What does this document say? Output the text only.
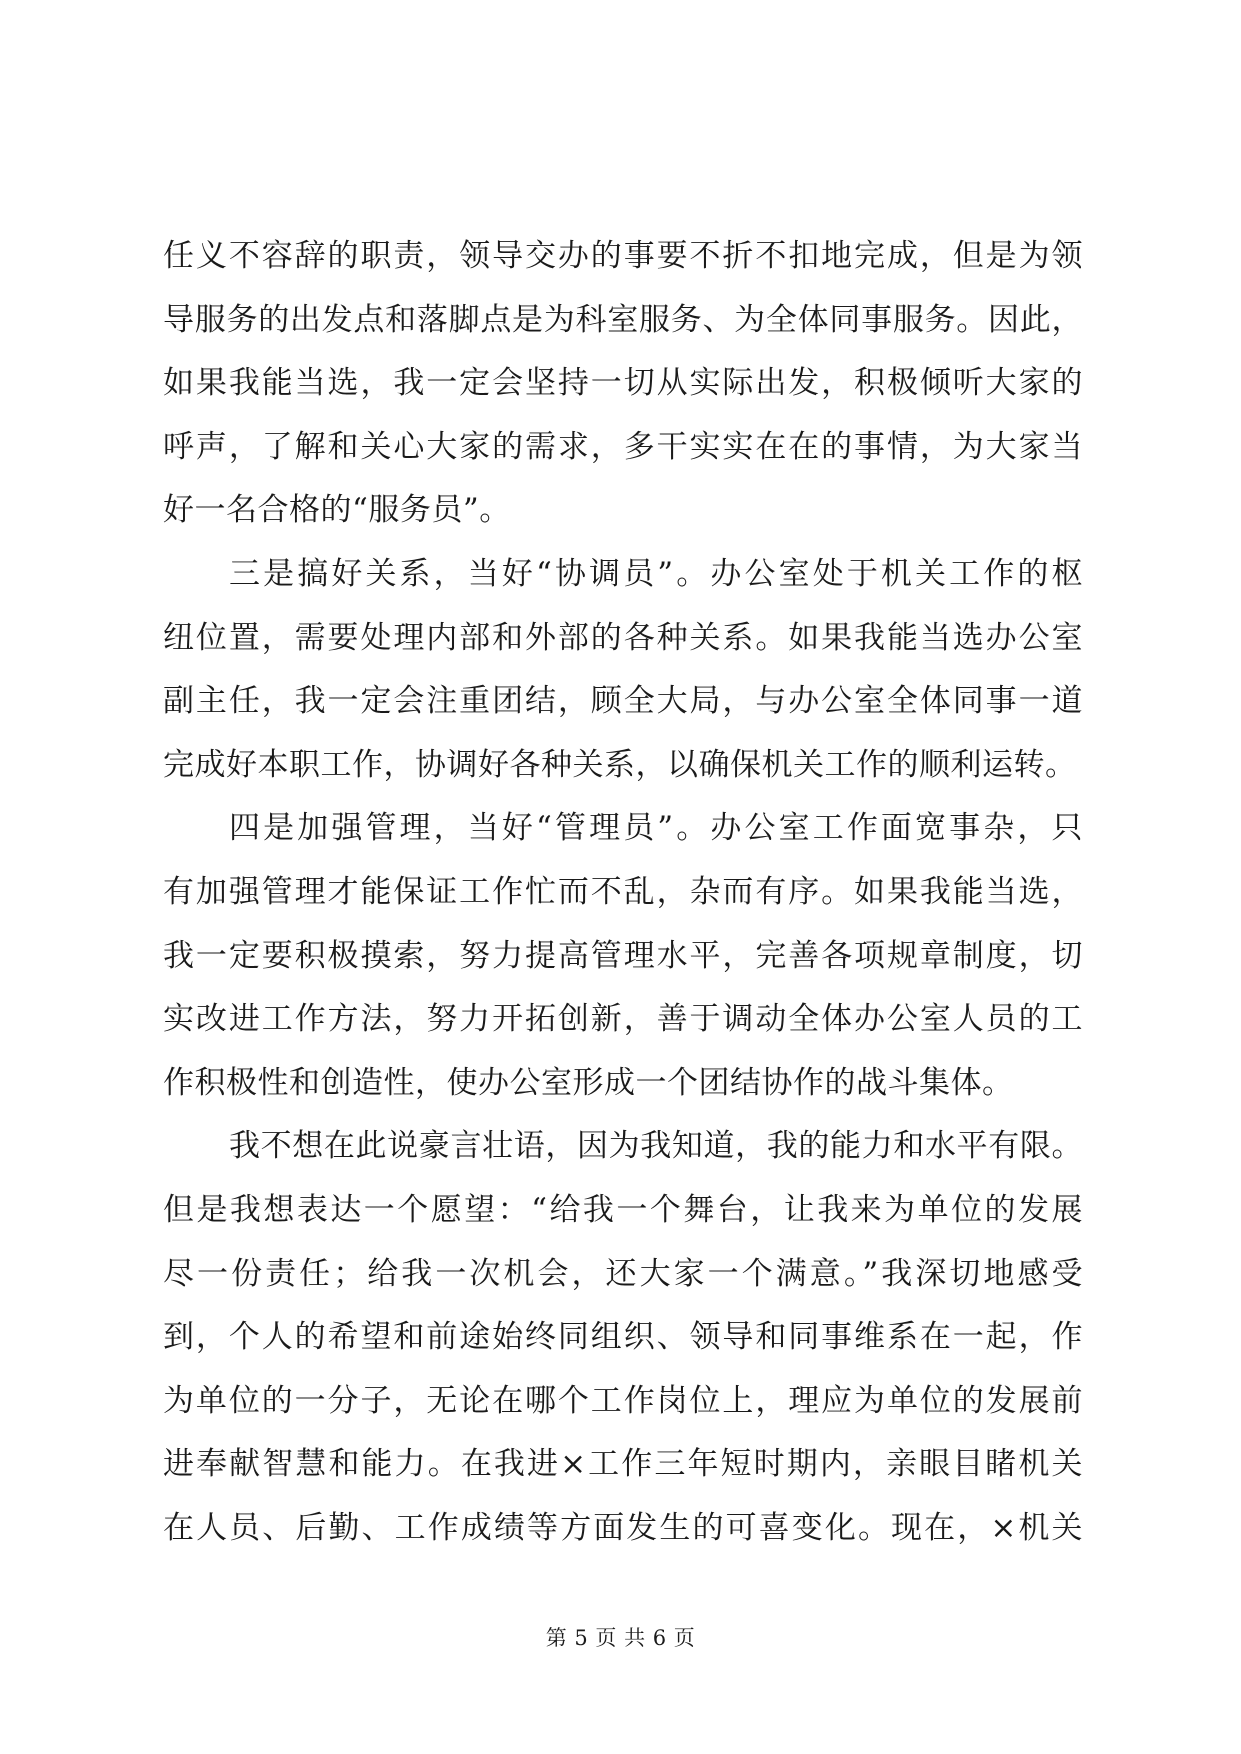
任义不容辞的职责，领导交办的事要不折不扣地完成，但是为领
导服务的出发点和落脚点是为科室服务、为全体同事服务。因此，
如果我能当选，我一定会坚持一切从实际出发，积极倾听大家的
呼声，了解和关心大家的需求，多干实实在在的事情，为大家当
好一名合格的“服务员”。
三是搞好关系，当好“协调员”。办公室处于机关工作的枢
纽位置，需要处理内部和外部的各种关系。如果我能当选办公室
副主任，我一定会注重团结，顾全大局，与办公室全体同事一道
完成好本职工作，协调好各种关系，以确保机关工作的顺利运转。
四是加强管理，当好“管理员”。办公室工作面宽事杂，只
有加强管理才能保证工作忙而不乱，杂而有序。如果我能当选，
我一定要积极摸索，努力提高管理水平，完善各项规章制度，切
实改进工作方法，努力开拓创新，善于调动全体办公室人员的工
作积极性和创造性，使办公室形成一个团结协作的战斗集体。
我不想在此说豪言壮语，因为我知道，我的能力和水平有限。
但是我想表达一个愿望：“给我一个舞台，让我来为单位的发展
尽一份责任；给我一次机会，还大家一个满意。”我深切地感受
到，个人的希望和前途始终同组织、领导和同事维系在一起，作
为单位的一分子，无论在哪个工作岗位上，理应为单位的发展前
进奉献智慧和能力。在我进×工作三年短时期内，亲眼目睹机关
在人员、后勤、工作成绩等方面发生的可喜变化。现在，×机关
第 5 页 共 6 页
